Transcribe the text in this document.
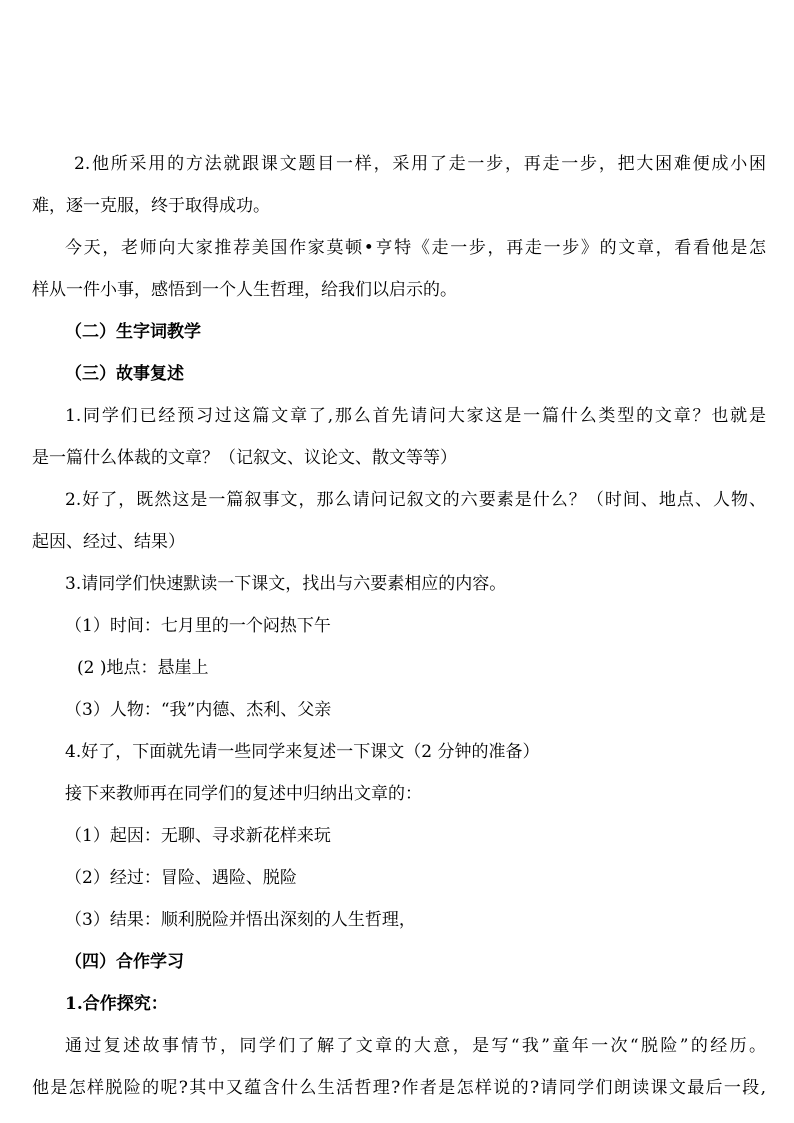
2.他所采用的方法就跟课文题目一样，采用了走一步，再走一步，把大困难便成小困
难，逐一克服，终于取得成功。
今天，老师向大家推荐美国作家莫顿•亨特《走一步，再走一步》的文章，看看他是怎
样从一件小事，感悟到一个人生哲理，给我们以启示的。
（二）生字词教学
（三）故事复述
1.同学们已经预习过这篇文章了,那么首先请问大家这是一篇什么类型的文章？也就是
是一篇什么体裁的文章？（记叙文、议论文、散文等等）
2.好了，既然这是一篇叙事文，那么请问记叙文的六要素是什么？（时间、地点、人物、
起因、经过、结果）
3.请同学们快速默读一下课文，找出与六要素相应的内容。
（1）时间：七月里的一个闷热下午
(2 )地点：悬崖上
（3）人物：“我”内德、杰利、父亲
4.好了，下面就先请一些同学来复述一下课文（2 分钟的准备）
接下来教师再在同学们的复述中归纳出文章的：
（1）起因：无聊、寻求新花样来玩
（2）经过：冒险、遇险、脱险
（3）结果：顺利脱险并悟出深刻的人生哲理，
（四）合作学习
1.合作探究：
通过复述故事情节，同学们了解了文章的大意，是写“我”童年一次“脱险”的经历。
他是怎样脱险的呢?其中又蕴含什么生活哲理?作者是怎样说的?请同学们朗读课文最后一段,
